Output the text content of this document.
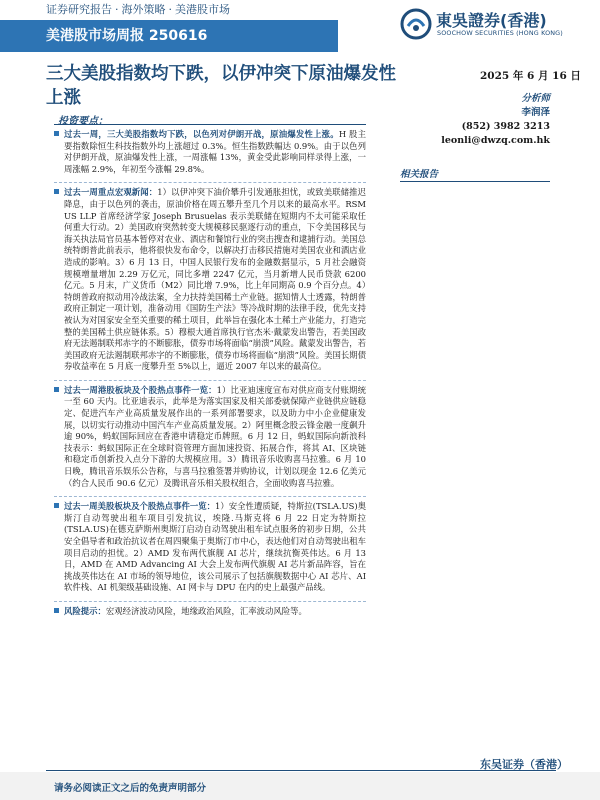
证券研究报告 · 海外策略 · 美港股市场
美港股市场周报 250616
東吳證券(香港)
SOOCHOW SECURITIES (HONG KONG)
三大美股指数均下跌，以伊冲突下原油爆发性上涨
2025 年 6 月 16 日
分析师
李润泽
(852) 3982 3213
leonli@dwzq.com.hk
相关报告
投资要点：
过去一周，三大美股指数均下跌，以色列对伊朗开战，原油爆发性上涨。H 股主要指数除恒生科技指数外均上涨超过 0.3%。恒生指数跌幅达 0.9%。由于以色列对伊朗开战，原油爆发性上涨，一周涨幅 13%，黄金受此影响同样录得上涨，一周涨幅 2.9%，年初至今涨幅 29.8%。
过去一周重点宏观新闻：1）以伊冲突下油价攀升引发通胀担忧，或致美联储推迟降息，由于以色列的袭击，原油价格在周五攀升至几个月以来的最高水平。RSM US LLP 首席经济学家 Joseph Brusuelas 表示美联储在短期内不太可能采取任何重大行动。2）美国政府突然转变大规模移民驱逐行动的重点，下令美国移民与海关执法局官员基本暂停对农业、酒店和餐馆行业的突击搜查和逮捕行动。美国总统特朗普此前表示，他将很快发布命令，以解决打击移民措施对美国农业和酒店业造成的影响。3）6 月 13 日，中国人民银行发布的金融数据显示，5 月社会融资规模增量增加 2.29 万亿元，同比多增 2247 亿元，当月新增人民币贷款 6200 亿元。5 月末，广义货币（M2）同比增 7.9%，比上年同期高 0.9 个百分点。4）特朗普政府拟动用冷战法案，全力扶持美国稀土产业链。据知情人士透露，特朗普政府正制定一项计划，准备动用《国防生产法》等冷战时期的法律手段，优先支持被认为对国家安全至关重要的稀土项目，此举旨在强化本土稀土产业能力，打造完整的美国稀土供应链体系。5）穆根大通首席执行官杰米·戴蒙发出警告，若美国政府无法遏制联邦赤字的不断膨胀，债券市场将面临“崩溃”风险。戴蒙发出警告，若美国政府无法遏制联邦赤字的不断膨胀，债券市场将面临“崩溃”风险。美国长期债券收益率在 5 月底一度攀升至 5%以上，逼近 2007 年以来的最高位。
过去一周港股板块及个股热点事件一览：1）比亚迪速度宣布对供应商支付账期统一至 60 天内。比亚迪表示，此举是为落实国家及相关部委就保障产业链供应链稳定、促进汽车产业高质量发展作出的一系列部署要求，以及助力中小企业健康发展，以切实行动推动中国汽车产业高质量发展。2）阿里概念股云锋金融一度飙升逾 90%，蚂蚁国际回应在香港申请稳定币牌照。6 月 12 日，蚂蚁国际向新浪科技表示：蚂蚁国际正在全球时资管理方面加速投资、拓展合作，将其 AI、区块链和稳定币创新投入点分下游的大规模应用。3）腾讯音乐收购喜马拉雅。6 月 10 日晚，腾讯音乐娱乐公告称，与喜马拉雅签署并购协议，计划以现金 12.6 亿美元（约合人民币 90.6 亿元）及腾讯音乐相关股权组合，全面收购喜马拉雅。
过去一周美股板块及个股热点事件一览：1）安全性遭质疑，特斯拉(TSLA.US)奥斯汀自动驾驶出租车项目引发抗议，埃隆.马斯克将 6 月 22 日定为特斯拉(TSLA.US)在德克萨斯州奥斯汀启动自动驾驶出租车试点服务的初步日期，公共安全倡导者和政治抗议者在周四聚集于奥斯汀市中心，表达他们对自动驾驶出租车项目启动的担忧。2）AMD 发布两代旗舰 AI 芯片，继续抗衡英伟达。6 月 13 日，AMD 在 AMD Advancing AI 大会上发布两代旗舰 AI 芯片新品阵容，旨在挑战英伟达在 AI 市场的领导地位，该公司展示了包括旗舰数据中心 AI 芯片、AI 软件栈、AI 机架级基础设施、AI 网卡与 DPU 在内的史上最强产品线。
风险提示：宏观经济波动风险，地缘政治风险，汇率波动风险等。
东吴证券（香港）
请务必阅读正文之后的免责声明部分
